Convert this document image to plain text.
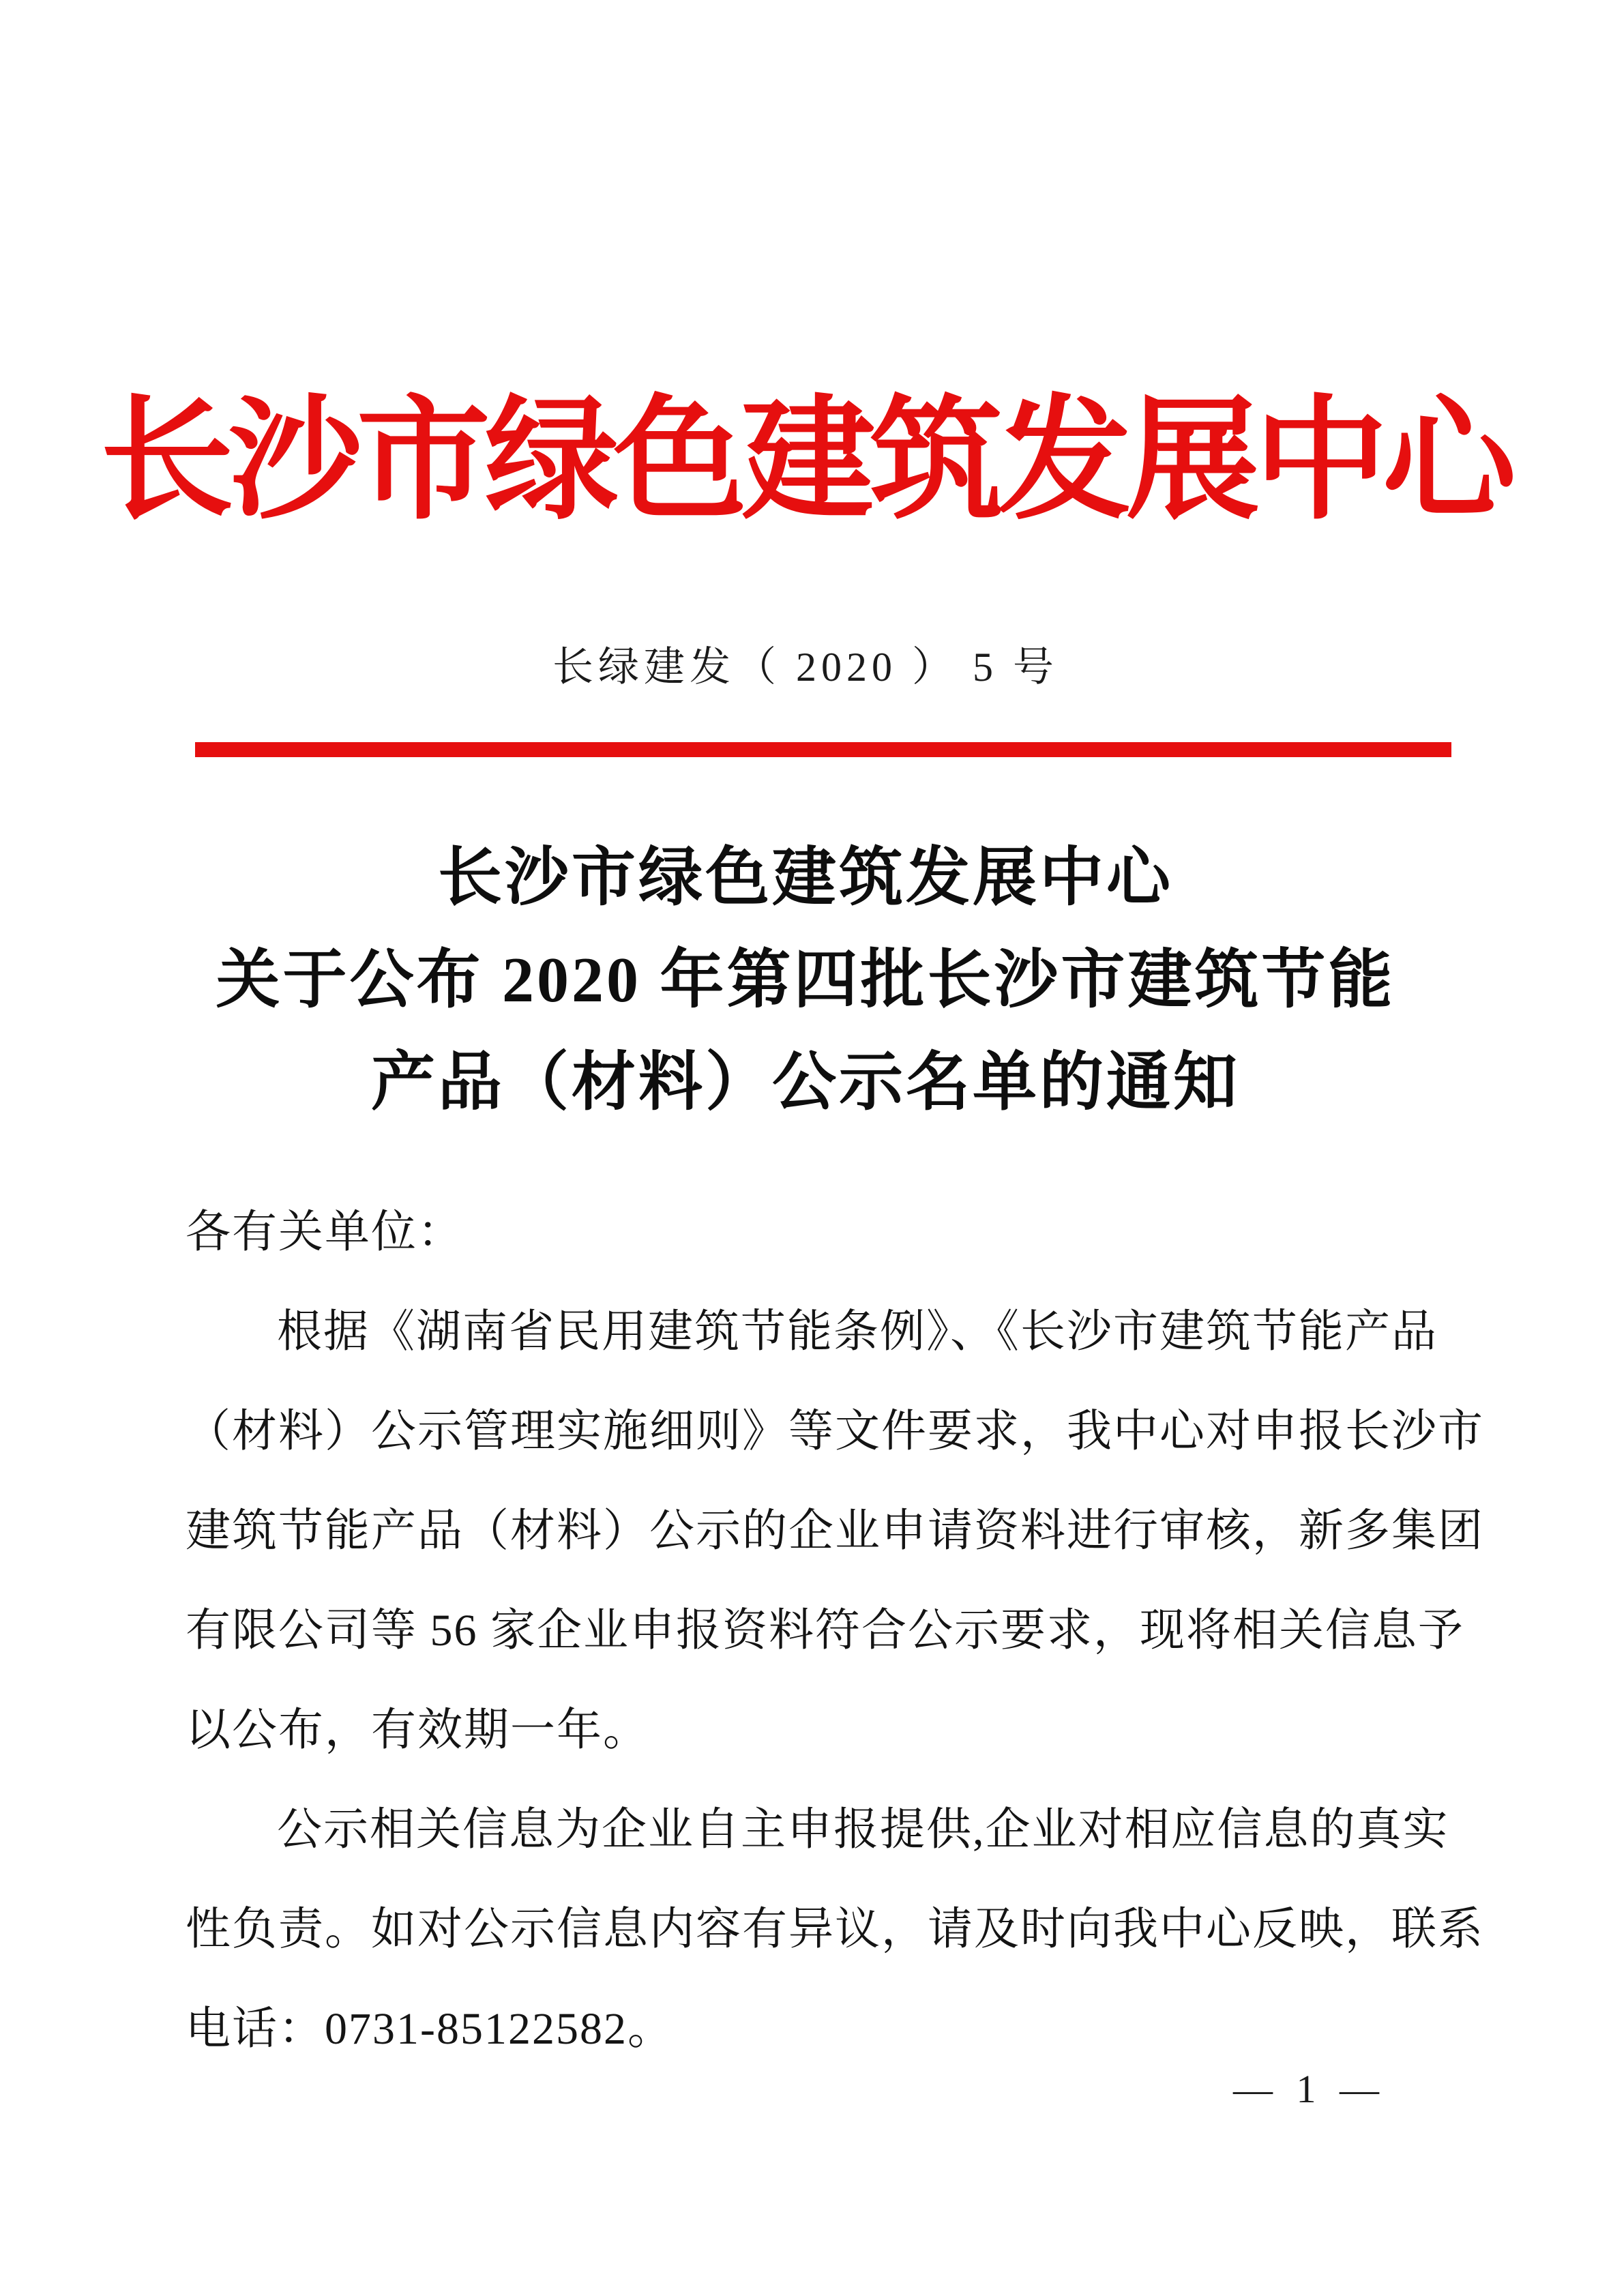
长沙市绿色建筑发展中心
长绿建发（ 2020 ） 5 号
长沙市绿色建筑发展中心
关于公布 2020 年第四批长沙市建筑节能
产品（材料）公示名单的通知
各有关单位：
根据《湖南省民用建筑节能条例》、《长沙市建筑节能产品
（材料）公示管理实施细则》等文件要求，我中心对申报长沙市
建筑节能产品（材料）公示的企业申请资料进行审核，新多集团
有限公司等 56 家企业申报资料符合公示要求，现将相关信息予
以公布，有效期一年。
公示相关信息为企业自主申报提供,企业对相应信息的真实
性负责。如对公示信息内容有异议，请及时向我中心反映，联系
电话：0731-85122582。
— 1 —
